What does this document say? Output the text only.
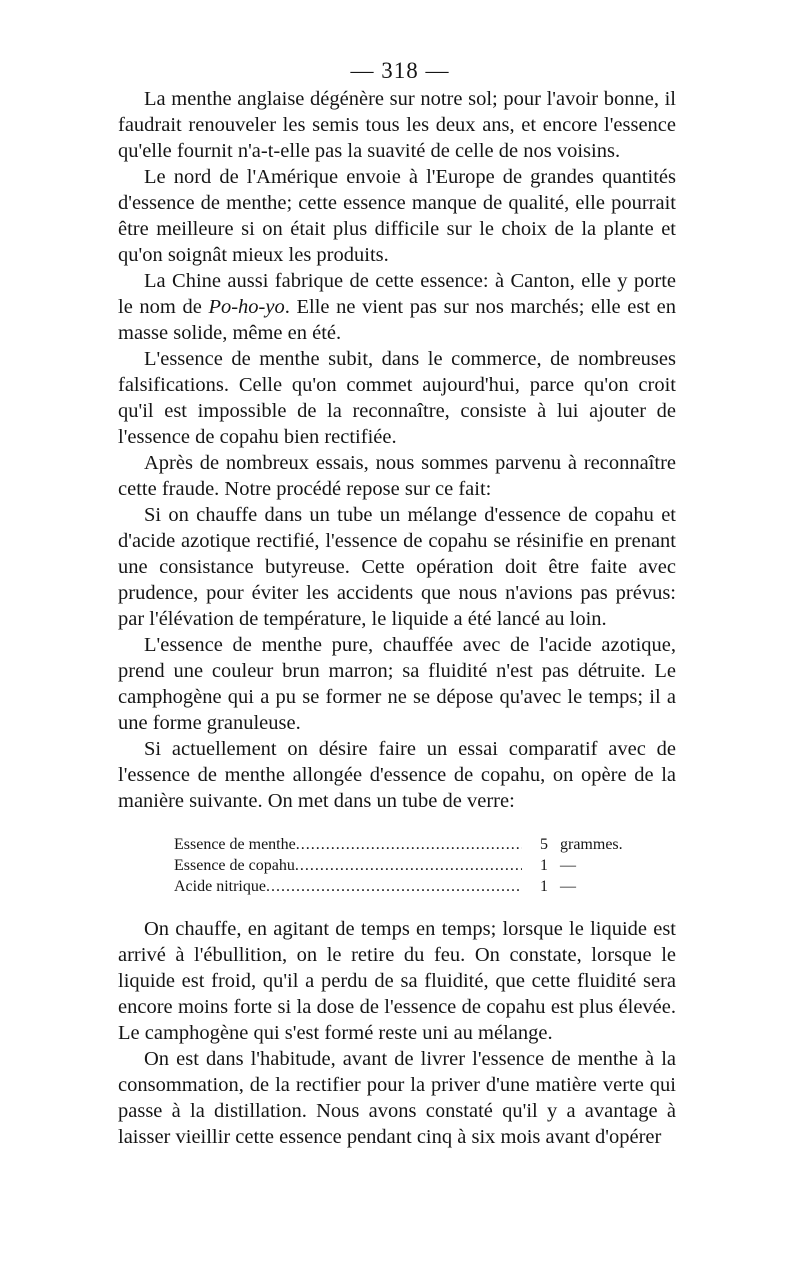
— 318 —

La menthe anglaise dégénère sur notre sol; pour l'avoir bonne, il faudrait renouveler les semis tous les deux ans, et encore l'essence qu'elle fournit n'a-t-elle pas la suavité de celle de nos voisins.

Le nord de l'Amérique envoie à l'Europe de grandes quantités d'essence de menthe; cette essence manque de qualité, elle pourrait être meilleure si on était plus difficile sur le choix de la plante et qu'on soignât mieux les produits.

La Chine aussi fabrique de cette essence: à Canton, elle y porte le nom de Po-ho-yo. Elle ne vient pas sur nos marchés; elle est en masse solide, même en été.

L'essence de menthe subit, dans le commerce, de nombreuses falsifications. Celle qu'on commet aujourd'hui, parce qu'on croit qu'il est impossible de la reconnaître, consiste à lui ajouter de l'essence de copahu bien rectifiée.

Après de nombreux essais, nous sommes parvenu à reconnaître cette fraude. Notre procédé repose sur ce fait:

Si on chauffe dans un tube un mélange d'essence de copahu et d'acide azotique rectifié, l'essence de copahu se résinifie en prenant une consistance butyreuse. Cette opération doit être faite avec prudence, pour éviter les accidents que nous n'avions pas prévus: par l'élévation de température, le liquide a été lancé au loin.

L'essence de menthe pure, chauffée avec de l'acide azotique, prend une couleur brun marron; sa fluidité n'est pas détruite. Le camphogène qui a pu se former ne se dépose qu'avec le temps; il a une forme granuleuse.

Si actuellement on désire faire un essai comparatif avec de l'essence de menthe allongée d'essence de copahu, on opère de la manière suivante. On met dans un tube de verre:

Essence de menthe .....	5 grammes.
Essence de copahu .....	1 —
Acide nitrique .....	1 —

On chauffe, en agitant de temps en temps; lorsque le liquide est arrivé à l'ébullition, on le retire du feu. On constate, lorsque le liquide est froid, qu'il a perdu de sa fluidité, que cette fluidité sera encore moins forte si la dose de l'essence de copahu est plus élevée. Le camphogène qui s'est formé reste uni au mélange.

On est dans l'habitude, avant de livrer l'essence de menthe à la consommation, de la rectifier pour la priver d'une matière verte qui passe à la distillation. Nous avons constaté qu'il y a avantage à laisser vieillir cette essence pendant cinq à six mois avant d'opérer
